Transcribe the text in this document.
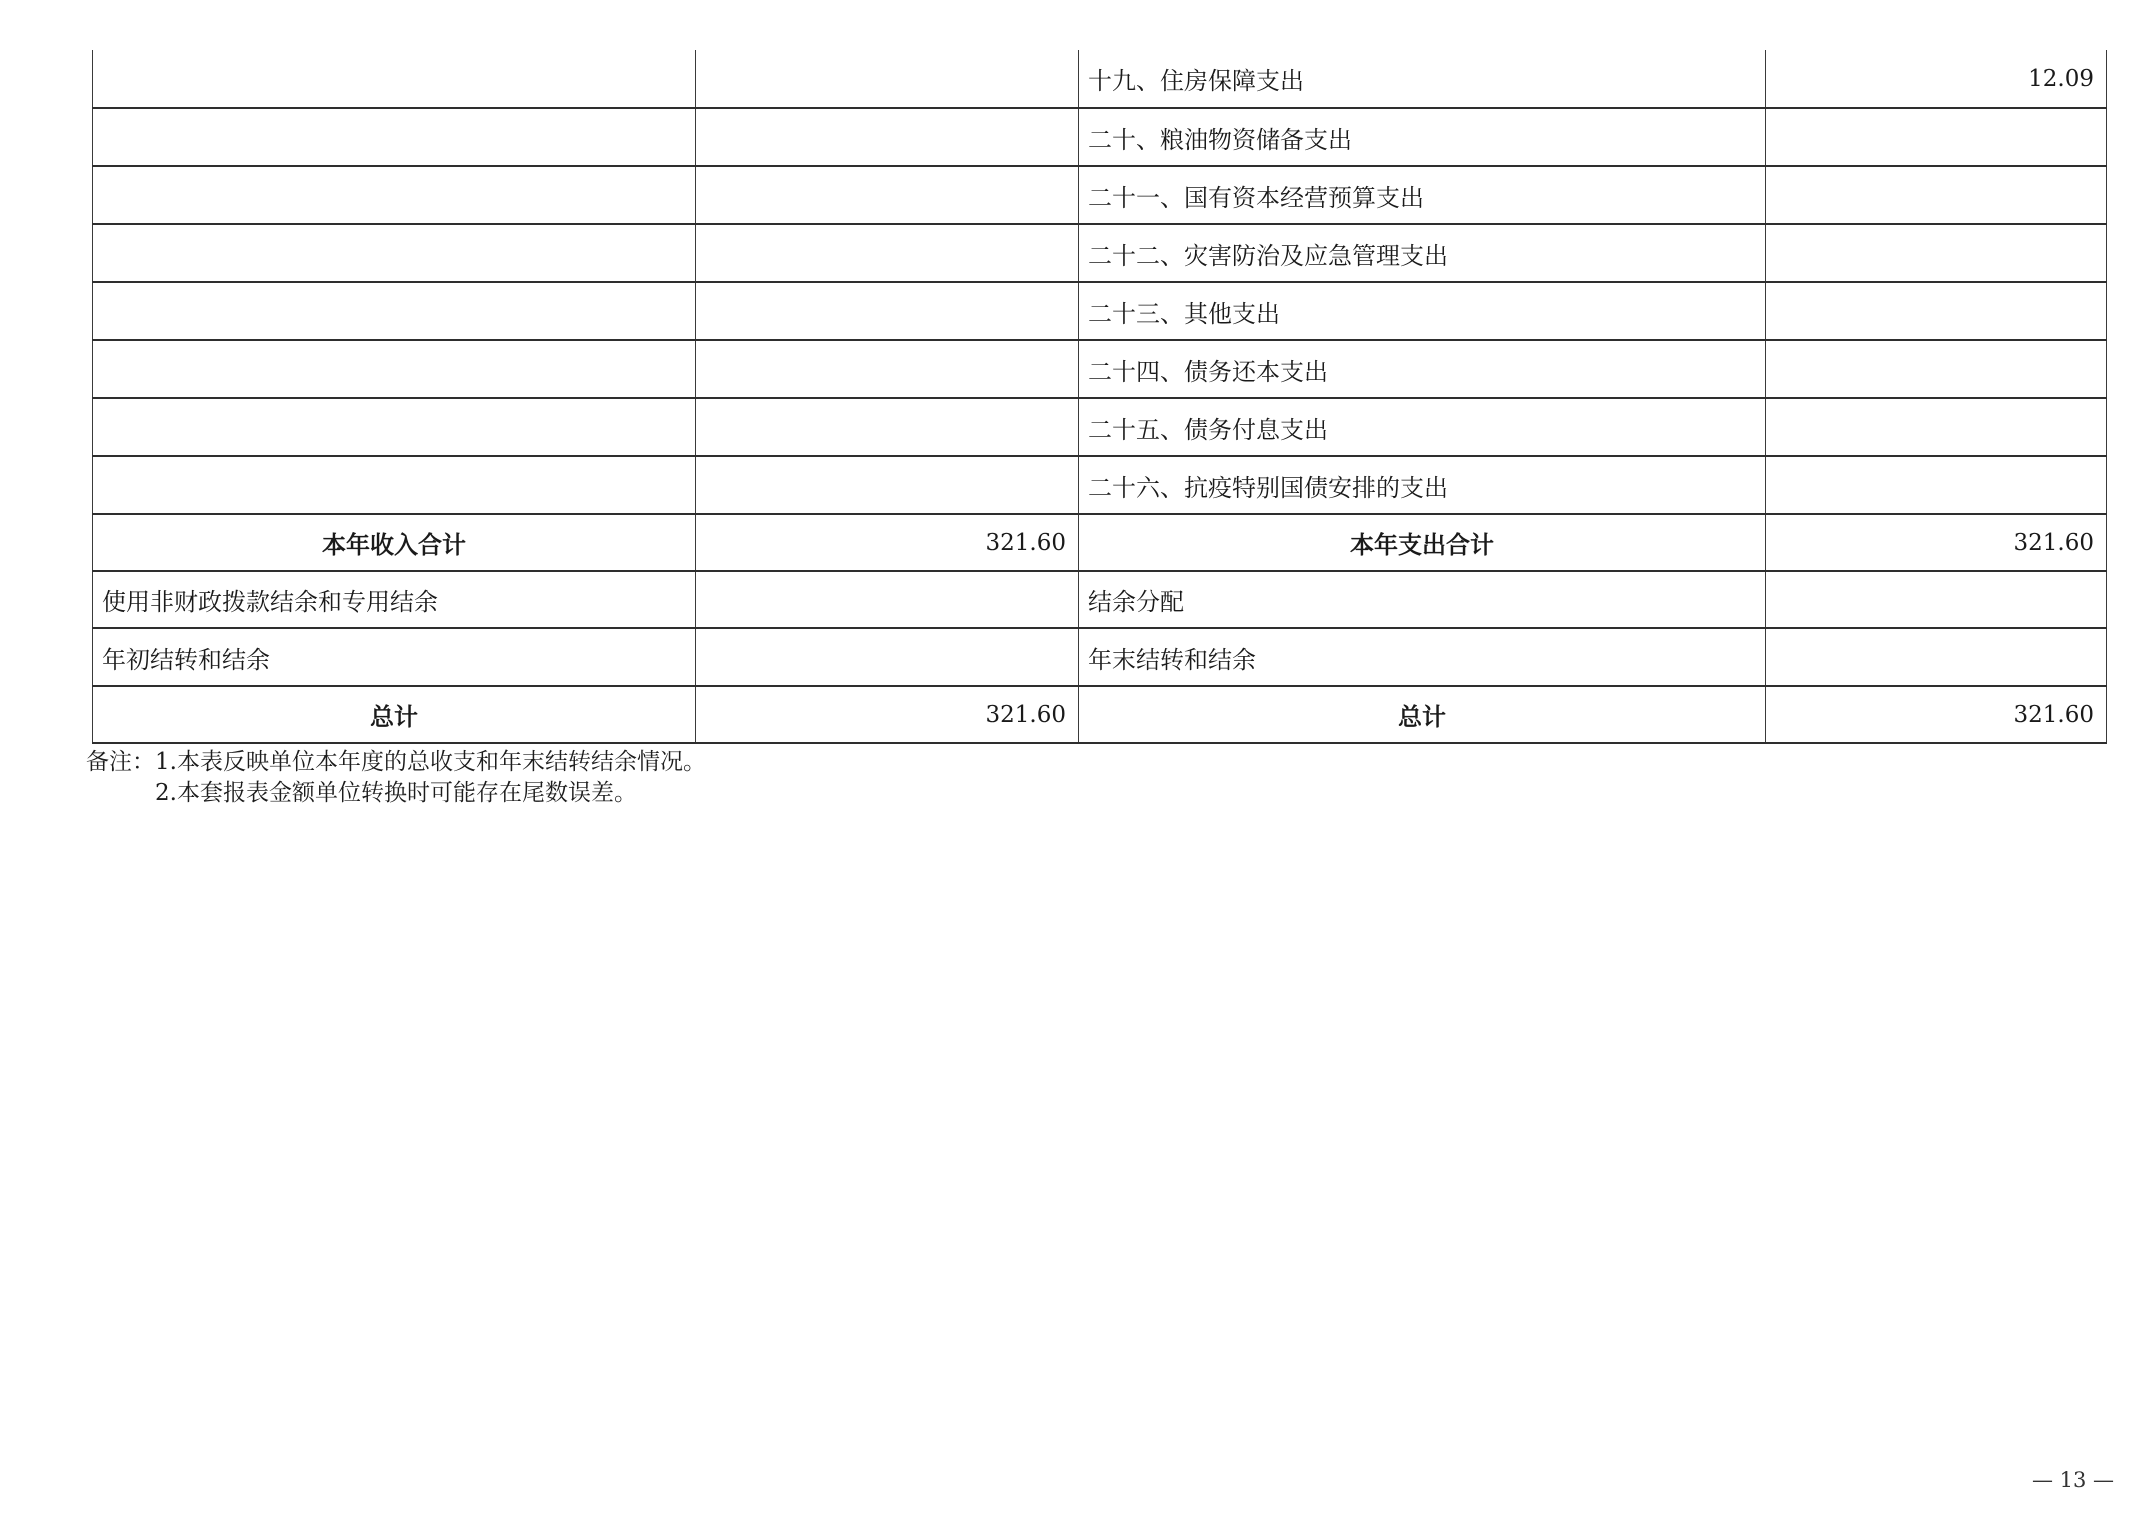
		十九、住房保障支出	12.09
		二十、粮油物资储备支出	
		二十一、国有资本经营预算支出	
		二十二、灾害防治及应急管理支出	
		二十三、其他支出	
		二十四、债务还本支出	
		二十五、债务付息支出	
		二十六、抗疫特别国债安排的支出	
本年收入合计	321.60	本年支出合计	321.60
使用非财政拨款结余和专用结余		结余分配	
年初结转和结余		年末结转和结余	
总计	321.60	总计	321.60
备注： 1.本表反映单位本年度的总收支和年末结转结余情况。
2.本套报表金额单位转换时可能存在尾数误差。
— 13 —
